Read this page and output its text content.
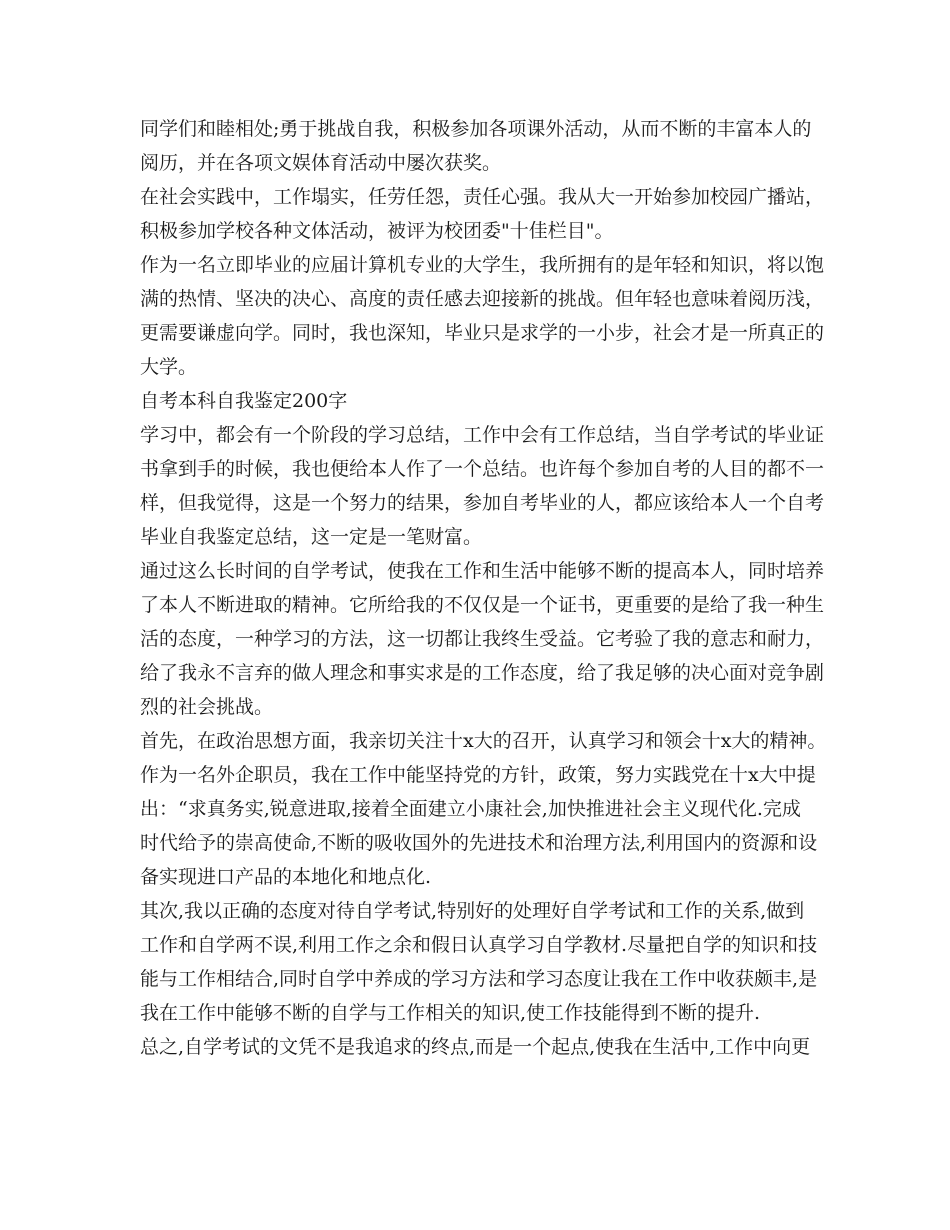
同学们和睦相处;勇于挑战自我，积极参加各项课外活动，从而不断的丰富本人的
阅历，并在各项文娱体育活动中屡次获奖。
在社会实践中，工作塌实，任劳任怨，责任心强。我从大一开始参加校园广播站，
积极参加学校各种文体活动，被评为校团委"十佳栏目"。
作为一名立即毕业的应届计算机专业的大学生，我所拥有的是年轻和知识，将以饱
满的热情、坚决的决心、高度的责任感去迎接新的挑战。但年轻也意味着阅历浅，
更需要谦虚向学。同时，我也深知，毕业只是求学的一小步，社会才是一所真正的
大学。
自考本科自我鉴定200字
学习中，都会有一个阶段的学习总结，工作中会有工作总结，当自学考试的毕业证
书拿到手的时候，我也便给本人作了一个总结。也许每个参加自考的人目的都不一
样，但我觉得，这是一个努力的结果，参加自考毕业的人，都应该给本人一个自考
毕业自我鉴定总结，这一定是一笔财富。
通过这么长时间的自学考试，使我在工作和生活中能够不断的提高本人，同时培养
了本人不断进取的精神。它所给我的不仅仅是一个证书，更重要的是给了我一种生
活的态度，一种学习的方法，这一切都让我终生受益。它考验了我的意志和耐力，
给了我永不言弃的做人理念和事实求是的工作态度，给了我足够的决心面对竞争剧
烈的社会挑战。
首先，在政治思想方面，我亲切关注十x大的召开，认真学习和领会十x大的精神。
作为一名外企职员，我在工作中能坚持党的方针，政策，努力实践党在十x大中提
出：“求真务实,锐意进取,接着全面建立小康社会,加快推进社会主义现代化.完成
时代给予的崇高使命,不断的吸收国外的先进技术和治理方法,利用国内的资源和设
备实现进口产品的本地化和地点化.
其次,我以正确的态度对待自学考试,特别好的处理好自学考试和工作的关系,做到
工作和自学两不误,利用工作之余和假日认真学习自学教材.尽量把自学的知识和技
能与工作相结合,同时自学中养成的学习方法和学习态度让我在工作中收获颇丰,是
我在工作中能够不断的自学与工作相关的知识,使工作技能得到不断的提升.
总之,自学考试的文凭不是我追求的终点,而是一个起点,使我在生活中,工作中向更
